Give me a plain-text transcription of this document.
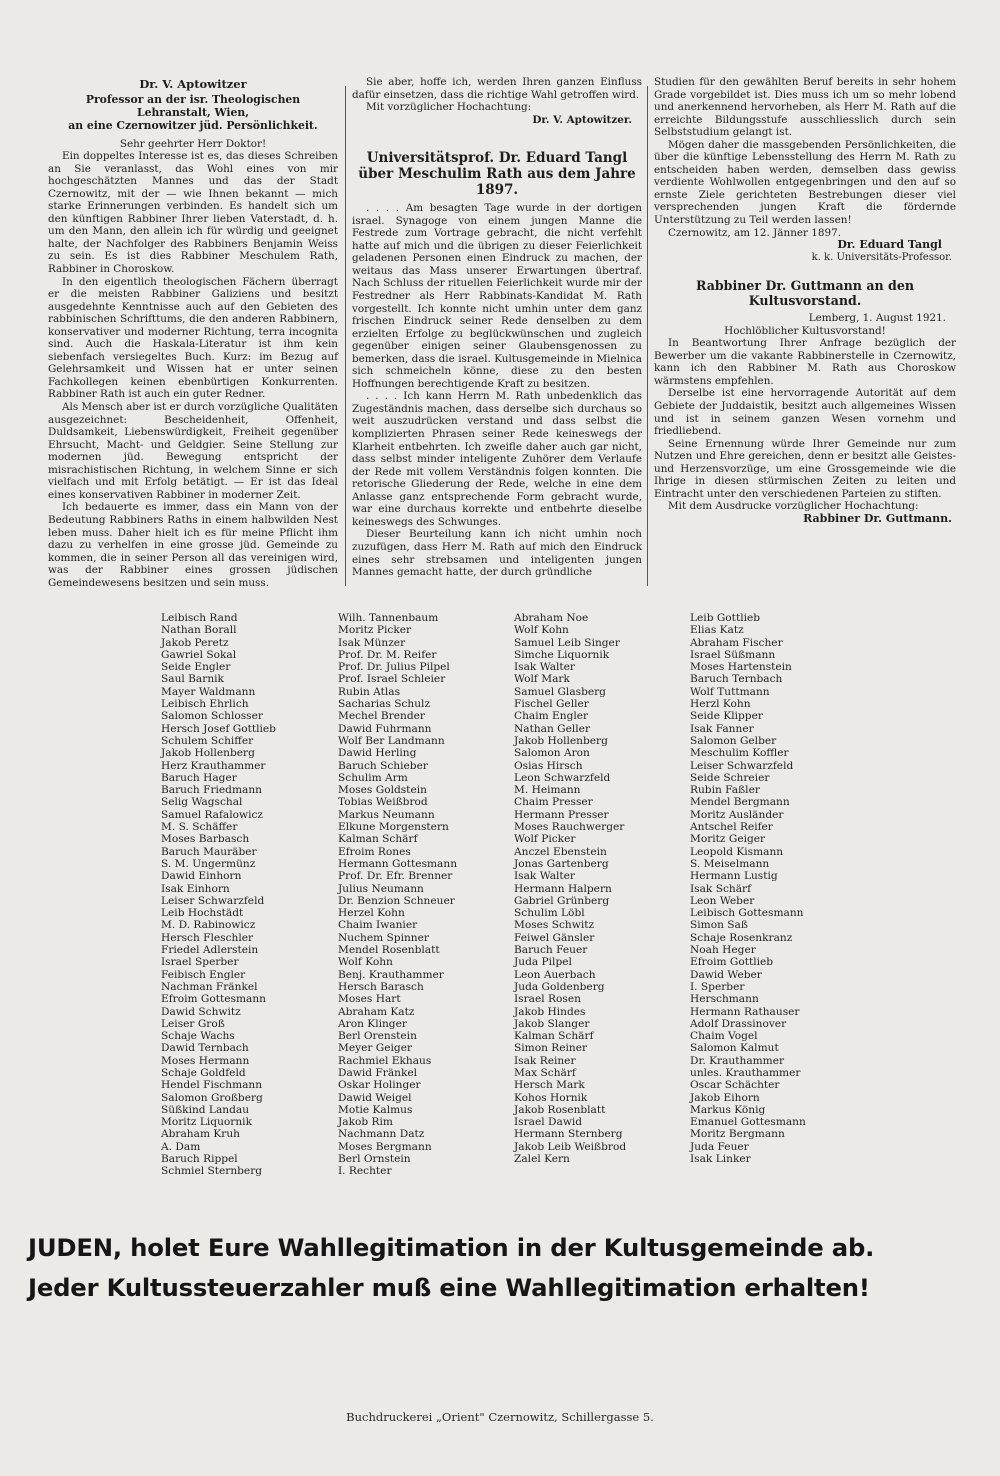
Dr. V. Aptowitzer
Professor an der isr. Theologischen Lehranstalt, Wien,
an eine Czernowitzer jüd. Persönlichkeit.

Sehr geehrter Herr Doktor!

Ein doppeltes Interesse ist es, das dieses Schreiben an Sie veranlasst, das Wohl eines von mir hochgeschätzten Mannes und das der Stadt Czernowitz, mit der — wie Ihnen bekannt — mich starke Erinnerungen verbinden. Es handelt sich um den künftigen Rabbiner Ihrer lieben Vaterstadt, d. h. um den Mann, den allein ich für würdig und geeignet halte, der Nachfolger des Rabbiners Benjamin Weiss zu sein. Es ist dies Rabbiner Meschulem Rath, Rabbiner in Choroskow.

In den eigentlich theologischen Fächern überragt er die meisten Rabbiner Galiziens und besitzt ausgedehnte Kenntnisse auch auf den Gebieten des rabbinischen Schrifttums, die den anderen Rabbinern, konservativer und moderner Richtung, terra incognita sind. Auch die Haskala-Literatur ist ihm kein siebenfach versiegeltes Buch. Kurz: im Bezug auf Gelehrsamkeit und Wissen hat er unter seinen Fachkollegen keinen ebenbürtigen Konkurrenten. Rabbiner Rath ist auch ein guter Redner.

Als Mensch aber ist er durch vorzügliche Qualitäten ausgezeichnet: Bescheidenheit, Offenheit, Duldsamkeit, Liebenswürdigkeit, Freiheit gegenüber Ehrsucht, Macht- und Geldgier. Seine Stellung zur modernen jüd. Bewegung entspricht der misrachistischen Richtung, in welchem Sinne er sich vielfach und mit Erfolg betätigt. — Er ist das Ideal eines konservativen Rabbiner in moderner Zeit.

Ich bedauerte es immer, dass ein Mann von der Bedeutung Rabbiners Raths in einem halbwilden Nest leben muss. Daher hielt ich es für meine Pflicht ihm dazu zu verhelfen in eine grosse jüd. Gemeinde zu kommen, die in seiner Person all das vereinigen wird, was der Rabbiner eines grossen jüdischen Gemeindewesens besitzen und sein muss.

Sie aber, hoffe ich, werden Ihren ganzen Einfluss dafür einsetzen, dass die richtige Wahl getroffen wird.

Mit vorzüglicher Hochachtung:

Dr. V. Aptowitzer.

Universitätsprof. Dr. Eduard Tangl über Meschulim Rath aus dem Jahre 1897.

. . . . Am besagten Tage wurde in der dortigen israel. Synagoge von einem jungen Manne die Festrede zum Vortrage gebracht, die nicht verfehlt hatte auf mich und die übrigen zu dieser Feierlichkeit geladenen Personen einen Eindruck zu machen, der weitaus das Mass unserer Erwartungen übertraf. Nach Schluss der rituellen Feierlichkeit wurde mir der Festredner als Herr Rabbinats-Kandidat M. Rath vorgestellt. Ich konnte nicht umhin unter dem ganz frischen Eindruck seiner Rede denselben zu dem erzielten Erfolge zu beglückwünschen und zugleich gegenüber einigen seiner Glaubensgenossen zu bemerken, dass die israel. Kultusgemeinde in Mielnica sich schmeicheln könne, diese zu den besten Hoffnungen berechtigende Kraft zu besitzen.

. . . . Ich kann Herrn M. Rath unbedenklich das Zugeständnis machen, dass derselbe sich durchaus so weit auszudrücken verstand und dass selbst die komplizierten Phrasen seiner Rede keineswegs der Klarheit entbehrten. Ich zweifle daher auch gar nicht, dass selbst minder inteligente Zuhörer dem Verlaufe der Rede mit vollem Verständnis folgen konnten. Die retorische Gliederung der Rede, welche in eine dem Anlasse ganz entsprechende Form gebracht wurde, war eine durchaus korrekte und entbehrte dieselbe keineswegs des Schwunges.

Dieser Beurteilung kann ich nicht umhin noch zuzufügen, dass Herr M. Rath auf mich den Eindruck eines sehr strebsamen und inteligenten jungen Mannes gemacht hatte, der durch gründliche

Studien für den gewählten Beruf bereits in sehr hohem Grade vorgebildet ist. Dies muss ich um so mehr lobend und anerkennend hervorheben, als Herr M. Rath auf die erreichte Bildungsstufe ausschliesslich durch sein Selbststudium gelangt ist.

Mögen daher die massgebenden Persönlichkeiten, die über die künftige Lebensstellung des Herrn M. Rath zu entscheiden haben werden, demselben dass gewiss verdiente Wohlwollen entgegenbringen und den auf so ernste Ziele gerichteten Bestrebungen dieser viel versprechenden jungen Kraft die fördernde Unterstützung zu Teil werden lassen!

Czernowitz, am 12. Jänner 1897.

Dr. Eduard Tangl
k. k. Universitäts-Professor.
Rabbiner Dr. Guttmann an den Kultusvorstand.

Lemberg, 1. August 1921.

Hochlöblicher Kultusvorstand!

In Beantwortung Ihrer Anfrage bezüglich der Bewerber um die vakante Rabbinerstelle in Czernowitz, kann ich den Rabbiner M. Rath aus Choroskow wärmstens empfehlen.

Derselbe ist eine hervorragende Autorität auf dem Gebiete der Juddaistik, besitzt auch allgemeines Wissen und ist in seinem ganzen Wesen vornehm und friedliebend.

Seine Ernennung würde Ihrer Gemeinde nur zum Nutzen und Ehre gereichen, denn er besitzt alle Geistes- und Herzensvorzüge, um eine Grossgemeinde wie die Ihrige in diesen stürmischen Zeiten zu leiten und Eintracht unter den verschiedenen Parteien zu stiften.

Mit dem Ausdrucke vorzüglicher Hochachtung:

Rabbiner Dr. Guttmann.
Leibisch Rand
Nathan Borall
Jakob Peretz
Gawriel Sokal
Seide Engler
Saul Barnik
Mayer Waldmann
Leibisch Ehrlich
Salomon Schlosser
Hersch Josef Gottlieb
Schulem Schiffer
Jakob Hollenberg
Herz Krauthammer
Baruch Hager
Baruch Friedmann
Selig Wagschal
Samuel Rafalowicz
M. S. Schäffer
Moses Barbasch
Baruch Mauräber
S. M. Ungermünz
Dawid Einhorn
Isak Einhorn
Leiser Schwarzfeld
Leib Hochstädt
M. D. Rabinowicz
Hersch Fleschler
Friedel Adlerstein
Israel Sperber
Feibisch Engler
Nachman Fränkel
Efroim Gottesmann
Dawid Schwitz
Leiser Groß
Schaje Wachs
Dawid Ternbach
Moses Hermann
Schaje Goldfeld
Hendel Fischmann
Salomon Großberg
Süßkind Landau
Moritz Liquornik
Abraham Kruh
A. Dam
Baruch Rippel
Schmiel Sternberg
Wilh. Tannenbaum
Moritz Picker
Isak Münzer
Prof. Dr. M. Reifer
Prof. Dr. Julius Pilpel
Prof. Israel Schleier
Rubin Atlas
Sacharias Schulz
Mechel Brender
Dawid Fuhrmann
Wolf Ber Landmann
Dawid Herling
Baruch Schieber
Schulim Arm
Moses Goldstein
Tobias Weißbrod
Markus Neumann
Elkune Morgenstern
Kalman Schärf
Efroim Rones
Hermann Gottesmann
Prof. Dr. Efr. Brenner
Julius Neumann
Dr. Benzion Schneuer
Herzel Kohn
Chaim Iwanier
Nuchem Spinner
Mendel Rosenblatt
Wolf Kohn
Benj. Krauthammer
Hersch Barasch
Moses Hart
Abraham Katz
Aron Klinger
Berl Orenstein
Meyer Geiger
Rachmiel Ekhaus
Dawid Fränkel
Oskar Holinger
Dawid Weigel
Motie Kalmus
Jakob Rim
Nachmann Datz
Moses Bergmann
Berl Ornstein
I. Rechter
Abraham Noe
Wolf Kohn
Samuel Leib Singer
Simche Liquornik
Isak Walter
Wolf Mark
Samuel Glasberg
Fischel Geller
Chaim Engler
Nathan Geller
Jakob Hollenberg
Salomon Aron
Osias Hirsch
Leon Schwarzfeld
M. Heimann
Chaim Presser
Hermann Presser
Moses Rauchwerger
Wolf Picker
Anczel Ebenstein
Jonas Gartenberg
Isak Walter
Hermann Halpern
Gabriel Grünberg
Schulim Löbl
Moses Schwitz
Feiwel Gänsler
Baruch Feuer
Juda Pilpel
Leon Auerbach
Juda Goldenberg
Israel Rosen
Jakob Hindes
Jakob Slanger
Kalman Schärf
Simon Reiner
Isak Reiner
Max Schärf
Hersch Mark
Kohos Hornik
Jakob Rosenblatt
Israel Dawid
Hermann Sternberg
Jakob Leib Weißbrod
Zalel Kern
Leib Gottlieb
Elias Katz
Abraham Fischer
Israel Süßmann
Moses Hartenstein
Baruch Ternbach
Wolf Tuttmann
Herzl Kohn
Seide Klipper
Isak Fanner
Salomon Gelber
Meschulim Koffler
Leiser Schwarzfeld
Seide Schreier
Rubin Faßler
Mendel Bergmann
Moritz Ausländer
Antschel Reifer
Moritz Geiger
Leopold Kismann
S. Meiselmann
Hermann Lustig
Isak Schärf
Leon Weber
Leibisch Gottesmann
Simon Saß
Schaje Rosenkranz
Noah Heger
Efroim Gottlieb
Dawid Weber
I. Sperber
Herschmann
Hermann Rathauser
Adolf Drassinover
Chaim Vogel
Salomon Kalmut
Dr. Krauthammer
unles. Krauthammer
Oscar Schächter
Jakob Eihorn
Markus König
Emanuel Gottesmann
Moritz Bergmann
Juda Feuer
Isak Linker
JUDEN, holet Eure Wahllegitimation in der Kultusgemeinde ab.
Jeder Kultussteuerzahler muß eine Wahllegitimation erhalten!
Buchdruckerei „Orient" Czernowitz, Schillergasse 5.
